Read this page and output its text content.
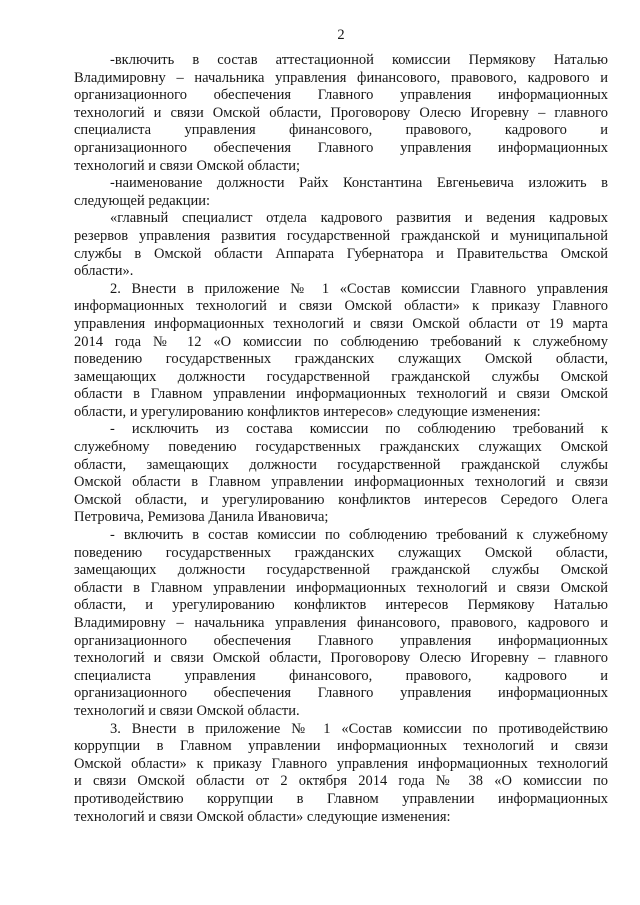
2
-включить в состав аттестационной комиссии Пермякову Наталью
Владимировну – начальника управления финансового, правового, кадрового и
организационного обеспечения Главного управления информационных
технологий и связи Омской области, Проговорову Олесю Игоревну – главного
специалиста управления финансового, правового, кадрового и
организационного обеспечения Главного управления информационных
технологий и связи Омской области;
-наименование должности Райх Константина Евгеньевича изложить в
следующей редакции:
«главный специалист отдела кадрового развития и ведения кадровых
резервов управления развития государственной гражданской и муниципальной
службы в Омской области Аппарата Губернатора и Правительства Омской
области».
2. Внести в приложение № 1 «Состав комиссии Главного управления
информационных технологий и связи Омской области» к приказу Главного
управления информационных технологий и связи Омской области от 19 марта
2014 года № 12 «О комиссии по соблюдению требований к служебному
поведению государственных гражданских служащих Омской области,
замещающих должности государственной гражданской службы Омской
области в Главном управлении информационных технологий и связи Омской
области, и урегулированию конфликтов интересов» следующие изменения:
- исключить из состава комиссии по соблюдению требований к
служебному поведению государственных гражданских служащих Омской
области, замещающих должности государственной гражданской службы
Омской области в Главном управлении информационных технологий и связи
Омской области, и урегулированию конфликтов интересов Середого Олега
Петровича, Ремизова Данила Ивановича;
- включить в состав комиссии по соблюдению требований к служебному
поведению государственных гражданских служащих Омской области,
замещающих должности государственной гражданской службы Омской
области в Главном управлении информационных технологий и связи Омской
области, и урегулированию конфликтов интересов Пермякову Наталью
Владимировну – начальника управления финансового, правового, кадрового и
организационного обеспечения Главного управления информационных
технологий и связи Омской области, Проговорову Олесю Игоревну – главного
специалиста управления финансового, правового, кадрового и
организационного обеспечения Главного управления информационных
технологий и связи Омской области.
3. Внести в приложение № 1 «Состав комиссии по противодействию
коррупции в Главном управлении информационных технологий и связи
Омской области» к приказу Главного управления информационных технологий
и связи Омской области от 2 октября 2014 года № 38 «О комиссии по
противодействию коррупции в Главном управлении информационных
технологий и связи Омской области» следующие изменения:
